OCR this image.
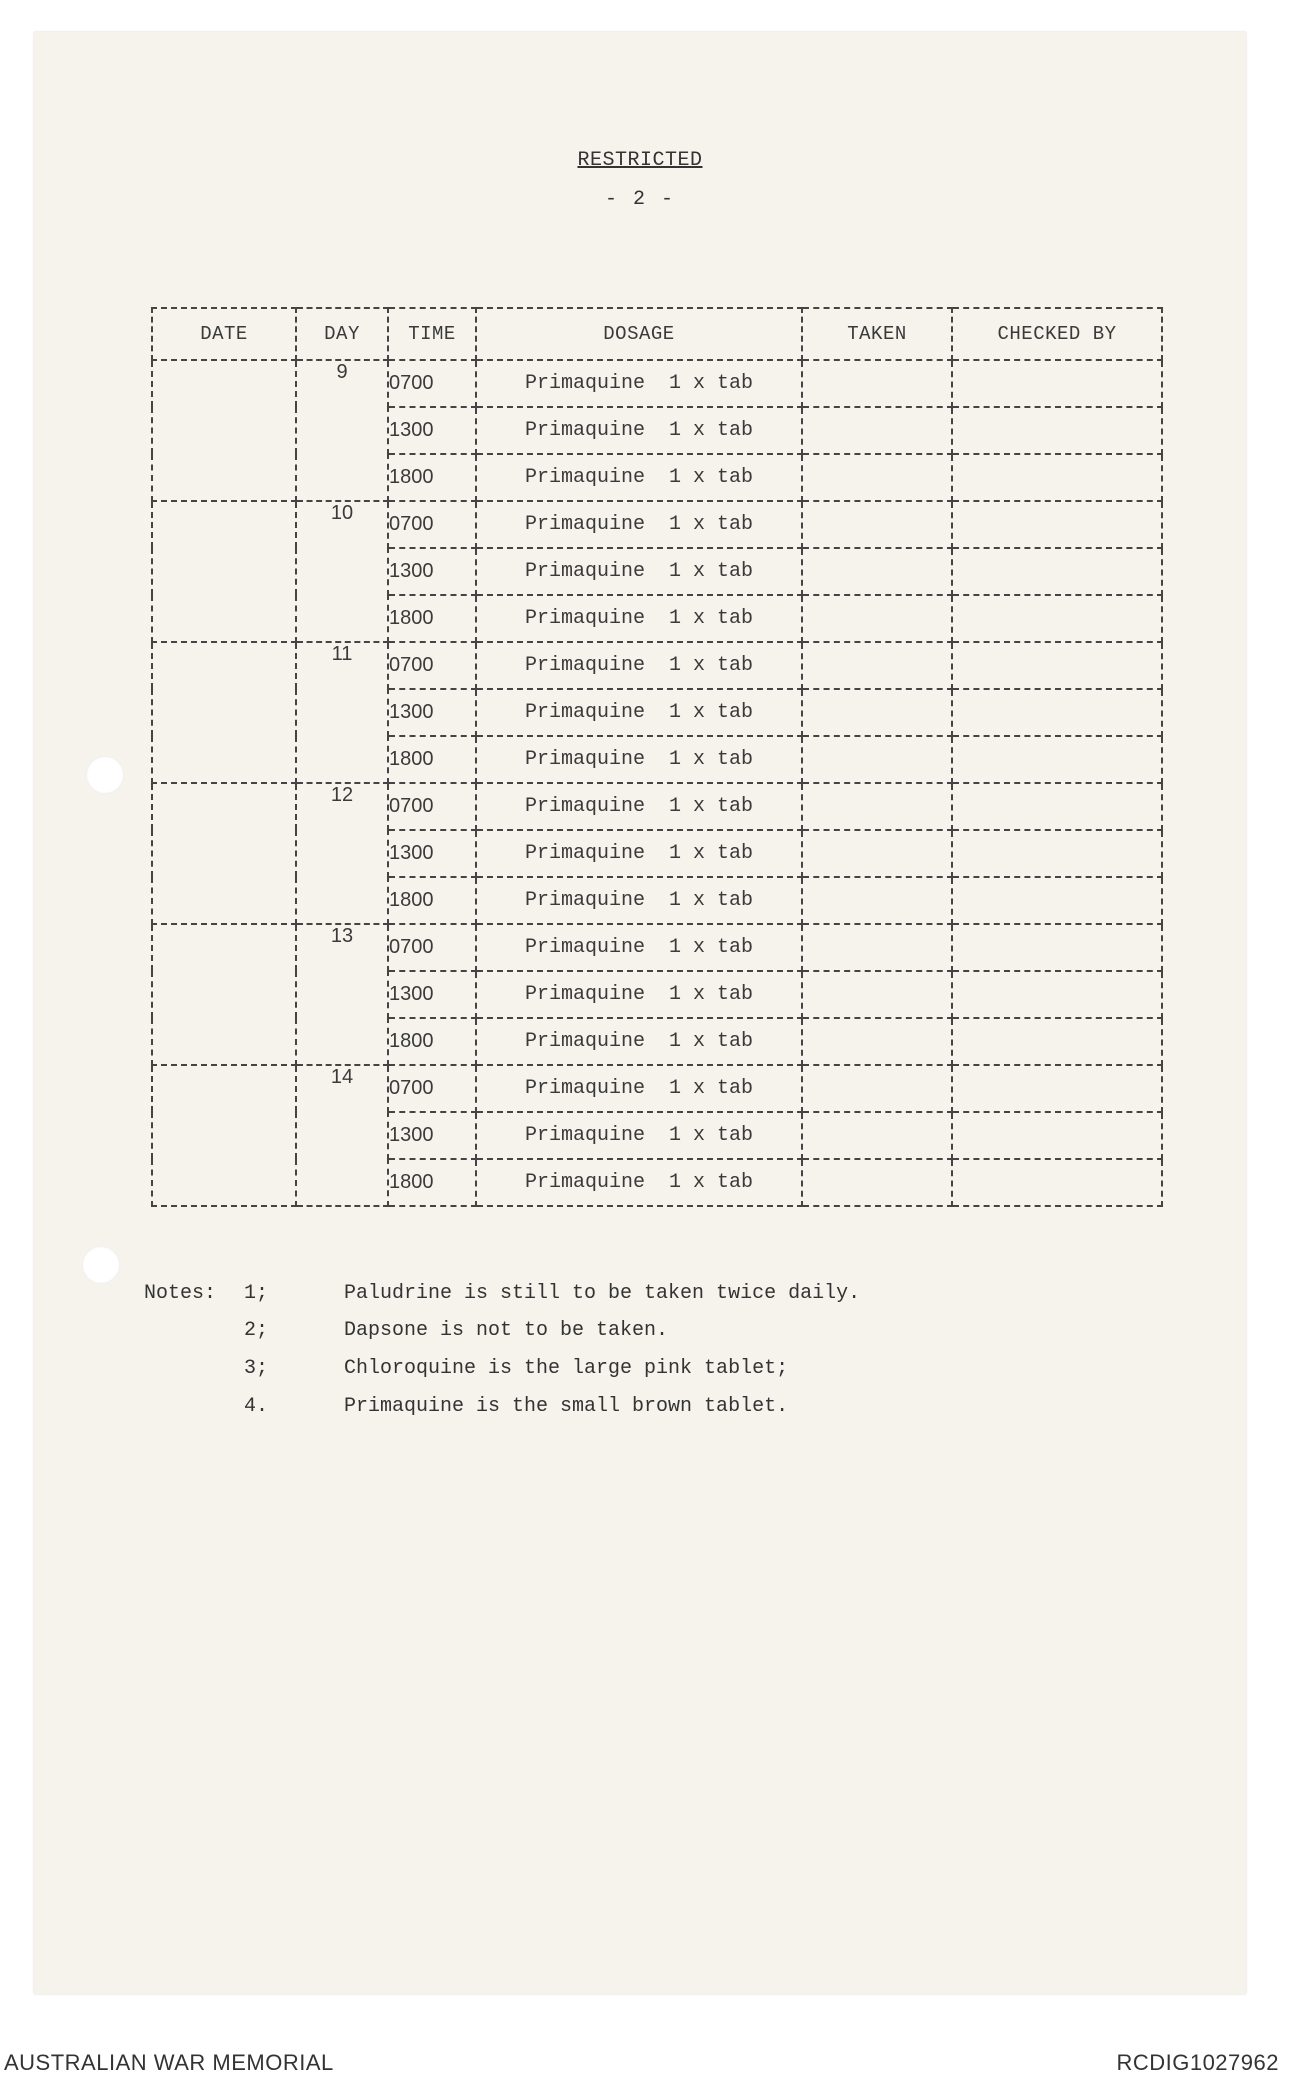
RESTRICTED
- 2 -
DATE	DAY	TIME	DOSAGE	TAKEN	CHECKED BY
	9	0700	Primaquine  1 x tab		
		1300	Primaquine  1 x tab		
		1800	Primaquine  1 x tab		
	10	0700	Primaquine  1 x tab		
		1300	Primaquine  1 x tab		
		1800	Primaquine  1 x tab		
	11	0700	Primaquine  1 x tab		
		1300	Primaquine  1 x tab		
		1800	Primaquine  1 x tab		
	12	0700	Primaquine  1 x tab		
		1300	Primaquine  1 x tab		
		1800	Primaquine  1 x tab		
	13	0700	Primaquine  1 x tab		
		1300	Primaquine  1 x tab		
		1800	Primaquine  1 x tab		
	14	0700	Primaquine  1 x tab		
		1300	Primaquine  1 x tab		
		1800	Primaquine  1 x tab		
Notes: 1;	Paludrine is still to be taken twice daily.
2;	Dapsone is not to be taken.
3;	Chloroquine is the large pink tablet;
4.	Primaquine is the small brown tablet.
AUSTRALIAN WAR MEMORIAL	RCDIG1027962
